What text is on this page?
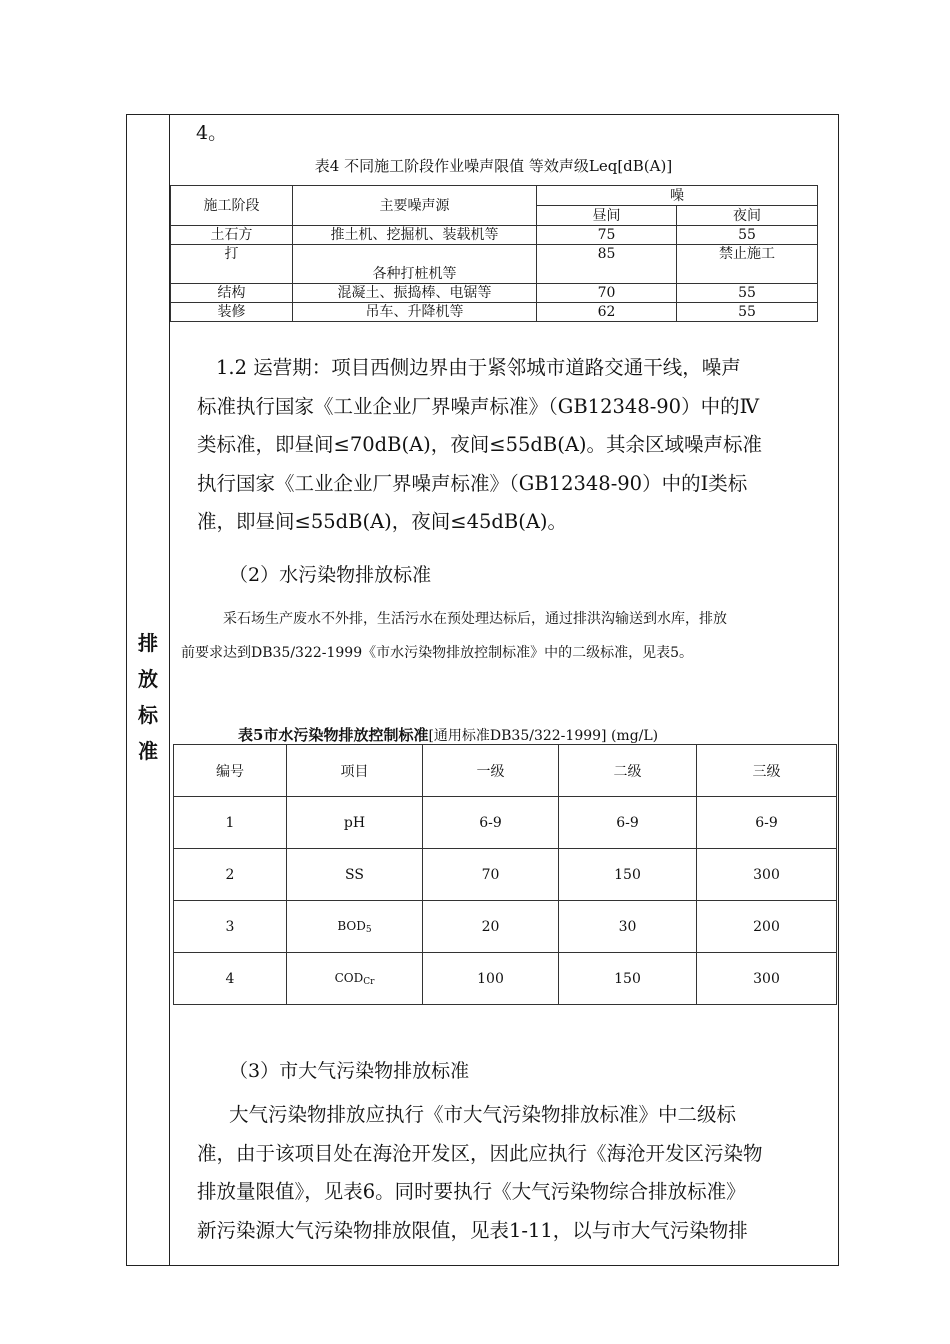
排
放
标
准
4。
表4 不同施工阶段作业噪声限值 等效声级Leq[dB(A)]
施工阶段	主要噪声源	噪	
		昼间	夜间
土石方	推土机、挖掘机、装载机等	75	55
打	各种打桩机等	85	禁止施工
结构	混凝土、振捣棒、电锯等	70	55
装修	吊车、升降机等	62	55
1.2 运营期：项目西侧边界由于紧邻城市道路交通干线，噪声
标准执行国家《工业企业厂界噪声标准》（GB12348-90）中的Ⅳ
类标准，即昼间≤70dB(A)，夜间≤55dB(A)。其余区域噪声标准
执行国家《工业企业厂界噪声标准》（GB12348-90）中的Ⅰ类标
准，即昼间≤55dB(A)，夜间≤45dB(A)。
（2）水污染物排放标准
采石场生产废水不外排，生活污水在预处理达标后，通过排洪沟输送到水库，排放
前要求达到DB35/322-1999《市水污染物排放控制标准》中的二级标准，见表5。
表5市水污染物排放控制标准[通用标准DB35/322-1999] (mg/L)
编号	项目	一级	二级	三级
1	pH	6-9	6-9	6-9
2	SS	70	150	300
3	$BOD_5$	20	30	200
4	$COD_{Cr}$	100	150	300
（3）市大气污染物排放标准
大气污染物排放应执行《市大气污染物排放标准》中二级标
准，由于该项目处在海沧开发区，因此应执行《海沧开发区污染物
排放量限值》，见表6。同时要执行《大气污染物综合排放标准》
新污染源大气污染物排放限值，见表1-11，以与市大气污染物排
